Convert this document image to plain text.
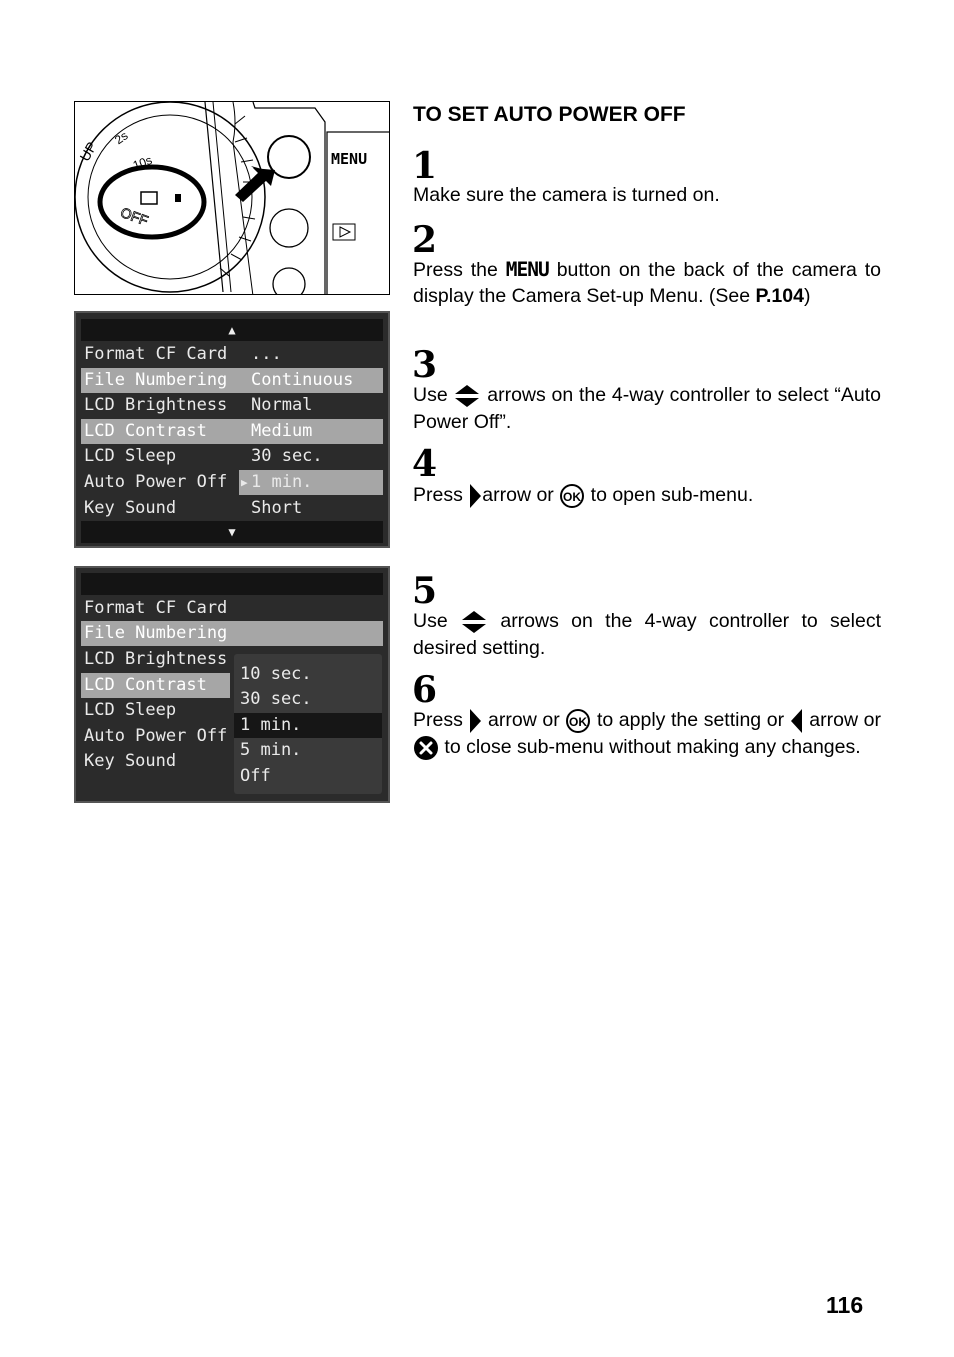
UP
2s
10s
OFF
MENU
▲
Format CF Card ...
File Numbering Continuous
LCD Brightness Normal
LCD Contrast	Medium
LCD Sleep	30 sec.
Auto Power Off ▶ 1 min.
Key Sound	Short
▼
Format CF Card
File Numbering
LCD Brightness
LCD Contrast
LCD Sleep
Auto Power Off
Key Sound
10 sec.
30 sec.
1 min.
5 min.
Off
TO SET AUTO POWER OFF
1
Make sure the camera is turned on.
2
Press the MENU button on the back of the camera to display the Camera Set-up Menu. (See P.104)
3
Use arrows on the 4-way controller to select “Auto Power Off”.
4
Press arrow or OK to open sub-menu.
5
Use	arrows on the 4-way controller to select desired setting.
6
Press arrow or OK to apply the setting or arrow or  to close sub-menu without making any changes.
116
